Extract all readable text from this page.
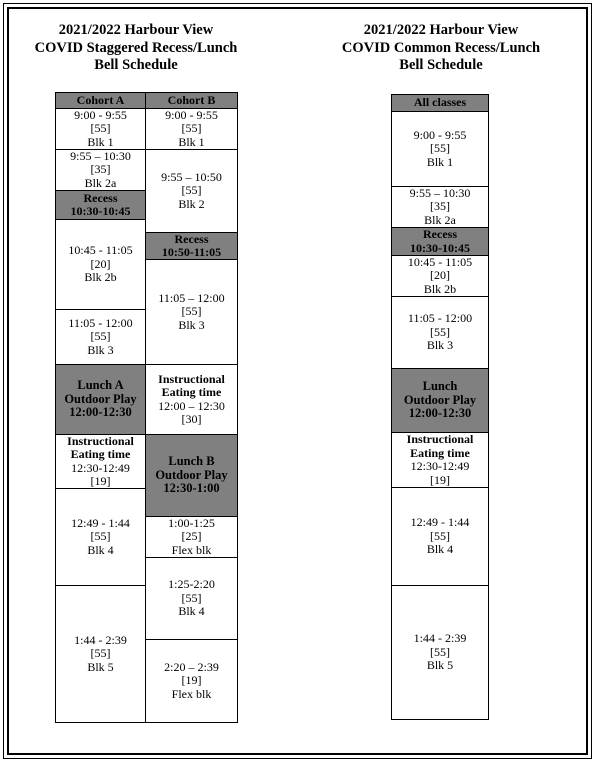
2021/2022 Harbour View
COVID Staggered Recess/Lunch
Bell Schedule
2021/2022 Harbour View
COVID Common Recess/Lunch
Bell Schedule
Cohort A
9:00 - 9:55
[55]
Blk 1
9:55 – 10:30
[35]
Blk 2a
Recess
10:30-10:45
10:45 - 11:05
[20]
Blk 2b
11:05 - 12:00
[55]
Blk 3
Lunch A
Outdoor Play
12:00-12:30
Instructional
Eating time
12:30-12:49
[19]
12:49 - 1:44
[55]
Blk 4
1:44 - 2:39
[55]
Blk 5
Cohort B
9:00 - 9:55
[55]
Blk 1
9:55 – 10:50
[55]
Blk 2
Recess
10:50-11:05
11:05 – 12:00
[55]
Blk 3
Instructional
Eating time
12:00 – 12:30
[30]
Lunch B
Outdoor Play
12:30-1:00
1:00-1:25
[25]
Flex blk
1:25-2:20
[55]
Blk 4
2:20 – 2:39
[19]
Flex blk
All classes
9:00 - 9:55
[55]
Blk 1
9:55 – 10:30
[35]
Blk 2a
Recess
10:30-10:45
10:45 - 11:05
[20]
Blk 2b
11:05 - 12:00
[55]
Blk 3
Lunch
Outdoor Play
12:00-12:30
Instructional
Eating time
12:30-12:49
[19]
12:49 - 1:44
[55]
Blk 4
1:44 - 2:39
[55]
Blk 5
